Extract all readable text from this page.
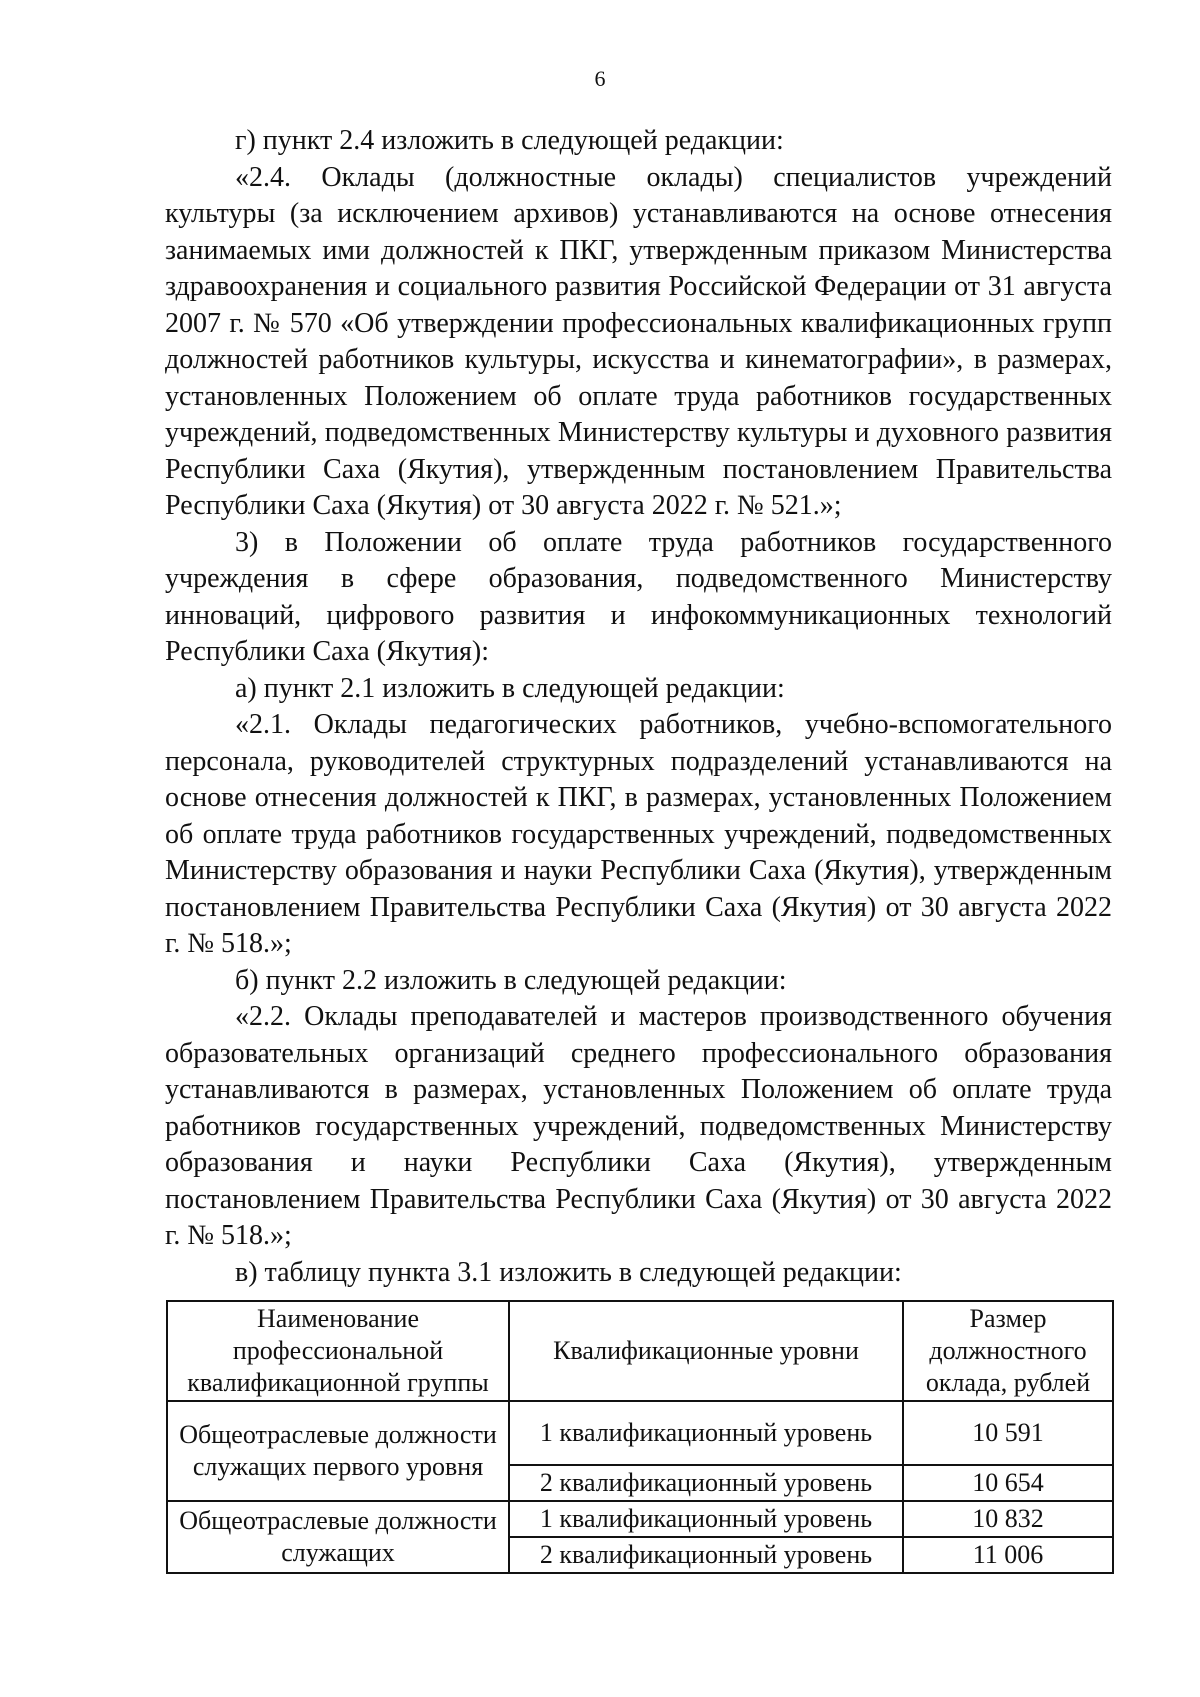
6

г) пункт 2.4 изложить в следующей редакции:

«2.4. Оклады (должностные оклады) специалистов учреждений культуры (за исключением архивов) устанавливаются на основе отнесения занимаемых ими должностей к ПКГ, утвержденным приказом Министерства здравоохранения и социального развития Российской Федерации от 31 августа 2007 г. № 570 «Об утверждении профессиональных квалификационных групп должностей работников культуры, искусства и кинематографии», в размерах, установленных Положением об оплате труда работников государственных учреждений, подведомственных Министерству культуры и духовного развития Республики Саха (Якутия), утвержденным постановлением Правительства Республики Саха (Якутия) от 30 августа 2022 г. № 521.»;

3) в Положении об оплате труда работников государственного учреждения в сфере образования, подведомственного Министерству инноваций, цифрового развития и инфокоммуникационных технологий Республики Саха (Якутия):

а) пункт 2.1 изложить в следующей редакции:

«2.1. Оклады педагогических работников, учебно-вспомогательного персонала, руководителей структурных подразделений устанавливаются на основе отнесения должностей к ПКГ, в размерах, установленных Положением об оплате труда работников государственных учреждений, подведомственных Министерству образования и науки Республики Саха (Якутия), утвержденным постановлением Правительства Республики Саха (Якутия) от 30 августа 2022 г. № 518.»;

б) пункт 2.2 изложить в следующей редакции:

«2.2. Оклады преподавателей и мастеров производственного обучения образовательных организаций среднего профессионального образования устанавливаются в размерах, установленных Положением об оплате труда работников государственных учреждений, подведомственных Министерству образования и науки Республики Саха (Якутия), утвержденным постановлением Правительства Республики Саха (Якутия) от 30 августа 2022 г. № 518.»;

в) таблицу пункта 3.1 изложить в следующей редакции:

Наименование профессиональной квалификационной группы	Квалификационные уровни	Размер должностного оклада, рублей
Общеотраслевые должности служащих первого уровня	1 квалификационный уровень	10 591
	2 квалификационный уровень	10 654
Общеотраслевые должности служащих	1 квалификационный уровень	10 832
	2 квалификационный уровень	11 006
